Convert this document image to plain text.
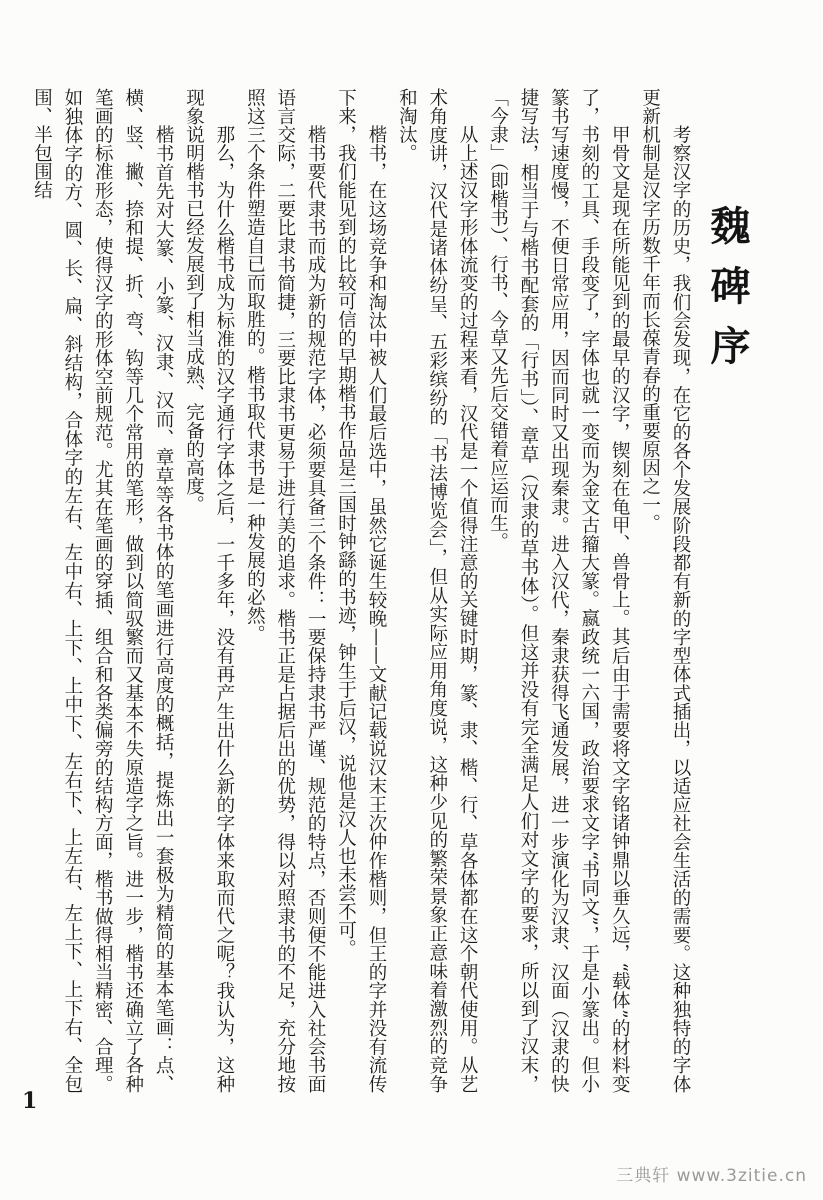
魏碑序

考察汉字的历史，我们会发现，在它的各个发展阶段都有新的字型体式插出，以适应社会生活的需要。这种独特的字体更新机制是汉字历数千年而长葆青春的重要原因之一。

甲骨文是现在所能见到的最早的汉字，锲刻在龟甲、兽骨上。其后由于需要将文字铭诸钟鼎以垂久远，“载体”的材料变了，书刻的工具、手段变了，字体也就一变而为金文古籀大篆。嬴政统一六国，政治要求文字“书同文”，于是小篆出。但小篆书写速度慢，不便日常应用，因而同时又出现秦隶。进入汉代，秦隶获得飞通发展，进一步演化为汉隶、汉面（汉隶的快捷写法，相当于与楷书配套的「行书」）、章草（汉隶的草书体）。但这并没有完全满足人们对文字的要求，所以到了汉末，「今隶」（即楷书）、行书、今草又先后交错着应运而生。

从上述汉字形体流变的过程来看，汉代是一个值得注意的关键时期，篆、隶、楷、行、草各体都在这个朝代使用。从艺术角度讲，汉代是诸体纷呈、五彩缤纷的「书法博览会」，但从实际应用角度说，这种少见的繁荣景象正意味着激烈的竞争和淘汰。

楷书，在这场竞争和淘汰中被人们最后选中，虽然它诞生较晚——文献记载说汉末王次仲作楷则，但王的字并没有流传下来，我们能见到的比较可信的早期楷书作品是三国时钟繇的书迹，钟生于后汉，说他是汉人也未尝不可。

楷书要代隶书而成为新的规范字体，必须要具备三个条件：一要保持隶书严谨、规范的特点，否则便不能进入社会书面语言交际，二要比隶书简捷，三要比隶书更易于进行美的追求。楷书正是占据后出的优势，得以对照隶书的不足，充分地按照这三个条件塑造自已而取胜的。楷书取代隶书是一种发展的必然。

那么，为什么楷书成为标准的汉字通行字体之后，一千多年，没有再产生出什么新的字体来取而代之呢？我认为，这种现象说明楷书已经发展到了相当成熟、完备的高度。

楷书首先对大篆、小篆、汉隶、汉而、章草等各书体的笔画进行高度的概括，提炼出一套极为精简的基本笔画：点、横、竖、撇、捺和提、折、弯、钩等几个常用的笔形，做到以简驭繁而又基本不失原造字之旨。进一步，楷书还确立了各种笔画的标准形态，使得汉字的形体空前规范。尤其在笔画的穿插、组合和各类偏旁的结构方面，楷书做得相当精密、合理。如独体字的方、圆、长、扁、斜结构，合体字的左右、左中右、上下、上中下、左右下、上左右、左上下、上下右、全包围、半包围结

1
三典轩 www.3zitie.cn
